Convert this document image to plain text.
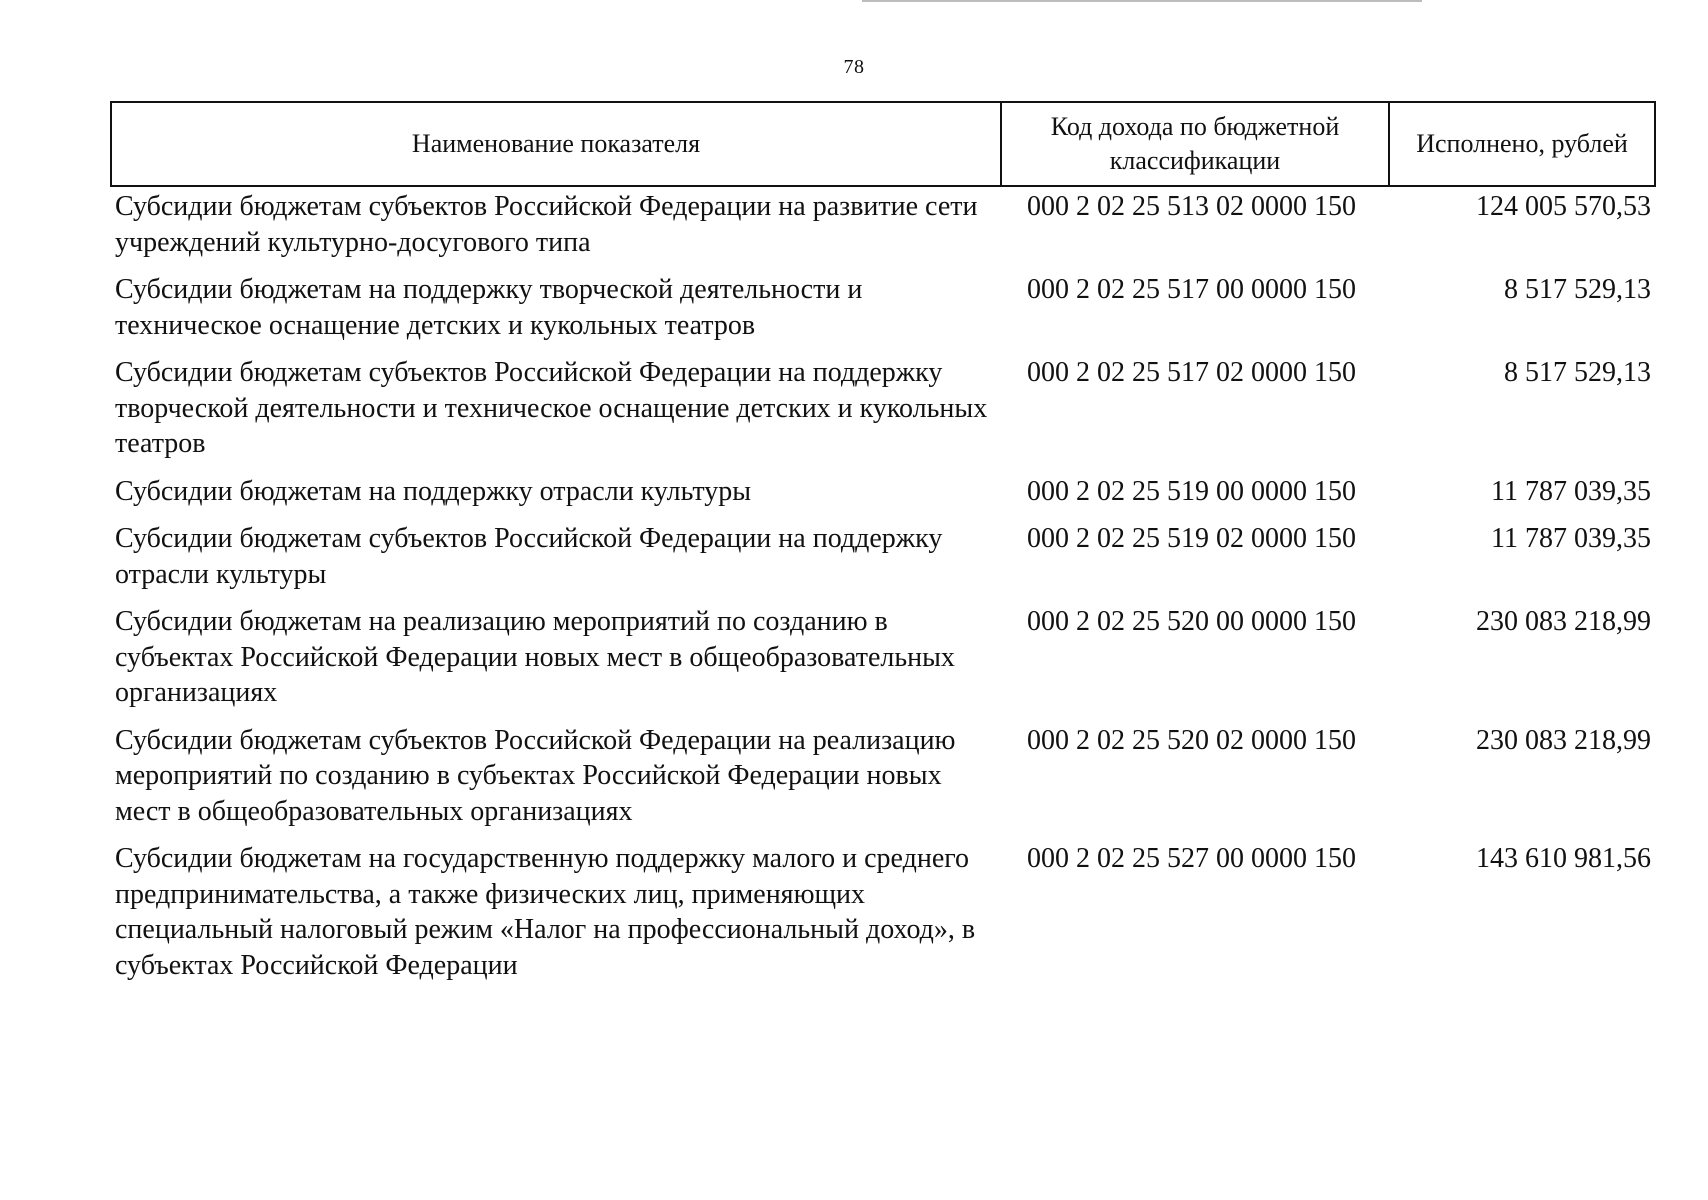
78
Наименование показателя	Код дохода по бюджетной классификации	Исполнено, рублей
Субсидии бюджетам субъектов Российской Федерации на развитие сети учреждений культурно-досугового типа	000 2 02 25 513 02 0000 150	124 005 570,53
Субсидии бюджетам на поддержку творческой деятельности и техническое оснащение детских и кукольных театров	000 2 02 25 517 00 0000 150	8 517 529,13
Субсидии бюджетам субъектов Российской Федерации на поддержку творческой деятельности и техническое оснащение детских и кукольных театров	000 2 02 25 517 02 0000 150	8 517 529,13
Субсидии бюджетам на поддержку отрасли культуры	000 2 02 25 519 00 0000 150	11 787 039,35
Субсидии бюджетам субъектов Российской Федерации на поддержку отрасли культуры	000 2 02 25 519 02 0000 150	11 787 039,35
Субсидии бюджетам на реализацию мероприятий по созданию в субъектах Российской Федерации новых мест в общеобразовательных организациях	000 2 02 25 520 00 0000 150	230 083 218,99
Субсидии бюджетам субъектов Российской Федерации на реализацию мероприятий по созданию в субъектах Российской Федерации новых мест в общеобразовательных организациях	000 2 02 25 520 02 0000 150	230 083 218,99
Субсидии бюджетам на государственную поддержку малого и среднего предпринимательства, а также физических лиц, применяющих специальный налоговый режим «Налог на профессиональный доход», в субъектах Российской Федерации	000 2 02 25 527 00 0000 150	143 610 981,56
